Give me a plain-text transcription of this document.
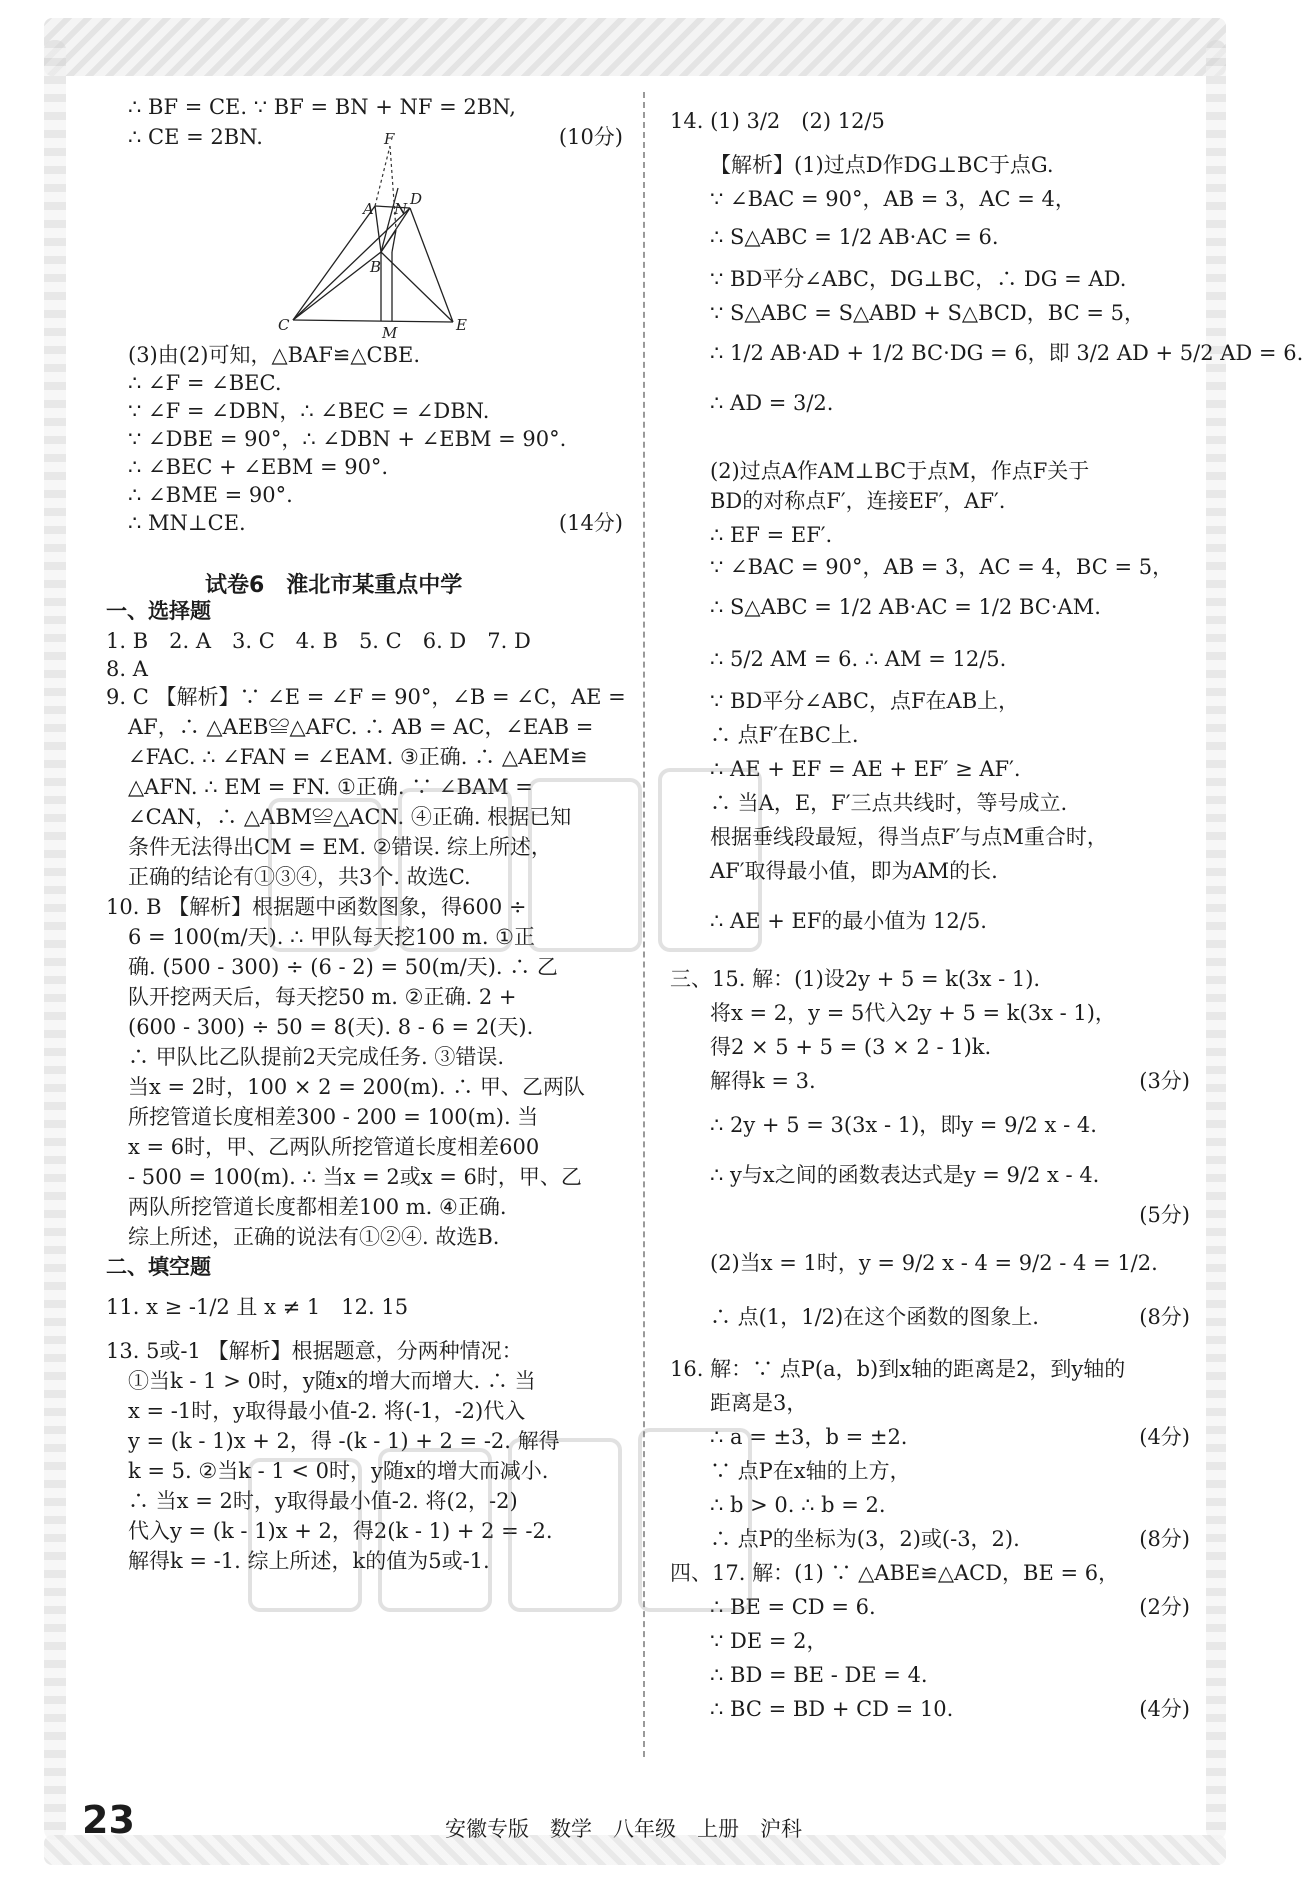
∴ BF = CE. ∵ BF = BN + NF = 2BN,
∴ CE = 2BN.	(10分)
F
D
A N
B
C	M	E
(3)由(2)可知，△BAF≌△CBE.
∴ ∠F = ∠BEC.
∵ ∠F = ∠DBN，∴ ∠BEC = ∠DBN.
∵ ∠DBE = 90°，∴ ∠DBN + ∠EBM = 90°.
∴ ∠BEC + ∠EBM = 90°.
∴ ∠BME = 90°.
∴ MN⊥CE.	(14分)
试卷6　淮北市某重点中学
一、选择题
1. B　2. A　3. C　4. B　5. C　6. D　7. D
8. A
9. C 【解析】∵ ∠E = ∠F = 90°，∠B = ∠C，AE =
AF，∴ △AEB≌△AFC. ∴ AB = AC，∠EAB =
∠FAC. ∴ ∠FAN = ∠EAM. ③正确. ∴ △AEM≌
△AFN. ∴ EM = FN. ①正确. ∵ ∠BAM =
∠CAN，∴ △ABM≌△ACN. ④正确. 根据已知
条件无法得出CM = EM. ②错误. 综上所述，
正确的结论有①③④，共3个. 故选C.
10. B 【解析】根据题中函数图象，得600 ÷
6 = 100(m/天). ∴ 甲队每天挖100 m. ①正
确. (500 - 300) ÷ (6 - 2) = 50(m/天). ∴ 乙
队开挖两天后，每天挖50 m. ②正确. 2 +
(600 - 300) ÷ 50 = 8(天). 8 - 6 = 2(天).
∴ 甲队比乙队提前2天完成任务. ③错误.
当x = 2时，100 × 2 = 200(m). ∴ 甲、乙两队
所挖管道长度相差300 - 200 = 100(m). 当
x = 6时，甲、乙两队所挖管道长度相差600
- 500 = 100(m). ∴ 当x = 2或x = 6时，甲、乙
两队所挖管道长度都相差100 m. ④正确.
综上所述，正确的说法有①②④. 故选B.
二、填空题
11. x ≥ -1/2 且 x ≠ 1　12. 15
13. 5或-1 【解析】根据题意，分两种情况：
①当k - 1 > 0时，y随x的增大而增大. ∴ 当
x = -1时，y取得最小值-2. 将(-1，-2)代入
y = (k - 1)x + 2，得 -(k - 1) + 2 = -2. 解得
k = 5. ②当k - 1 < 0时，y随x的增大而减小.
∴ 当x = 2时，y取得最小值-2. 将(2，-2)
代入y = (k - 1)x + 2，得2(k - 1) + 2 = -2.
解得k = -1. 综上所述，k的值为5或-1.
14. (1) 3/2　(2) 12/5
【解析】(1)过点D作DG⊥BC于点G.
∵ ∠BAC = 90°，AB = 3，AC = 4，
∴ S△ABC = 1/2 AB·AC = 6.
∵ BD平分∠ABC，DG⊥BC，∴ DG = AD.
∵ S△ABC = S△ABD + S△BCD，BC = 5，
∴ 1/2 AB·AD + 1/2 BC·DG = 6，即 3/2 AD + 5/2 AD = 6.
∴ AD = 3/2.
(2)过点A作AM⊥BC于点M，作点F关于
BD的对称点F′，连接EF′，AF′.
∴ EF = EF′.
∵ ∠BAC = 90°，AB = 3，AC = 4，BC = 5，
∴ S△ABC = 1/2 AB·AC = 1/2 BC·AM.
∴ 5/2 AM = 6. ∴ AM = 12/5.
∵ BD平分∠ABC，点F在AB上，
∴ 点F′在BC上.
∴ AE + EF = AE + EF′ ≥ AF′.
∴ 当A，E，F′三点共线时，等号成立.
根据垂线段最短，得当点F′与点M重合时，
AF′取得最小值，即为AM的长.
∴ AE + EF的最小值为 12/5.
三、15. 解：(1)设2y + 5 = k(3x - 1).
将x = 2，y = 5代入2y + 5 = k(3x - 1)，
得2 × 5 + 5 = (3 × 2 - 1)k.
解得k = 3.	(3分)
∴ 2y + 5 = 3(3x - 1)，即y = 9/2 x - 4.
∴ y与x之间的函数表达式是y = 9/2 x - 4.
(5分)
(2)当x = 1时，y = 9/2 x - 4 = 9/2 - 4 = 1/2.
∴ 点(1，1/2)在这个函数的图象上.	(8分)
16. 解：∵ 点P(a，b)到x轴的距离是2，到y轴的
距离是3，
∴ a = ±3，b = ±2.	(4分)
∵ 点P在x轴的上方，
∴ b > 0. ∴ b = 2.
∴ 点P的坐标为(3，2)或(-3，2).	(8分)
四、17. 解：(1) ∵ △ABE≌△ACD，BE = 6，
∴ BE = CD = 6.	(2分)
∵ DE = 2，
∴ BD = BE - DE = 4.
∴ BC = BD + CD = 10.	(4分)
23	安徽专版　数学　八年级　上册　沪科
